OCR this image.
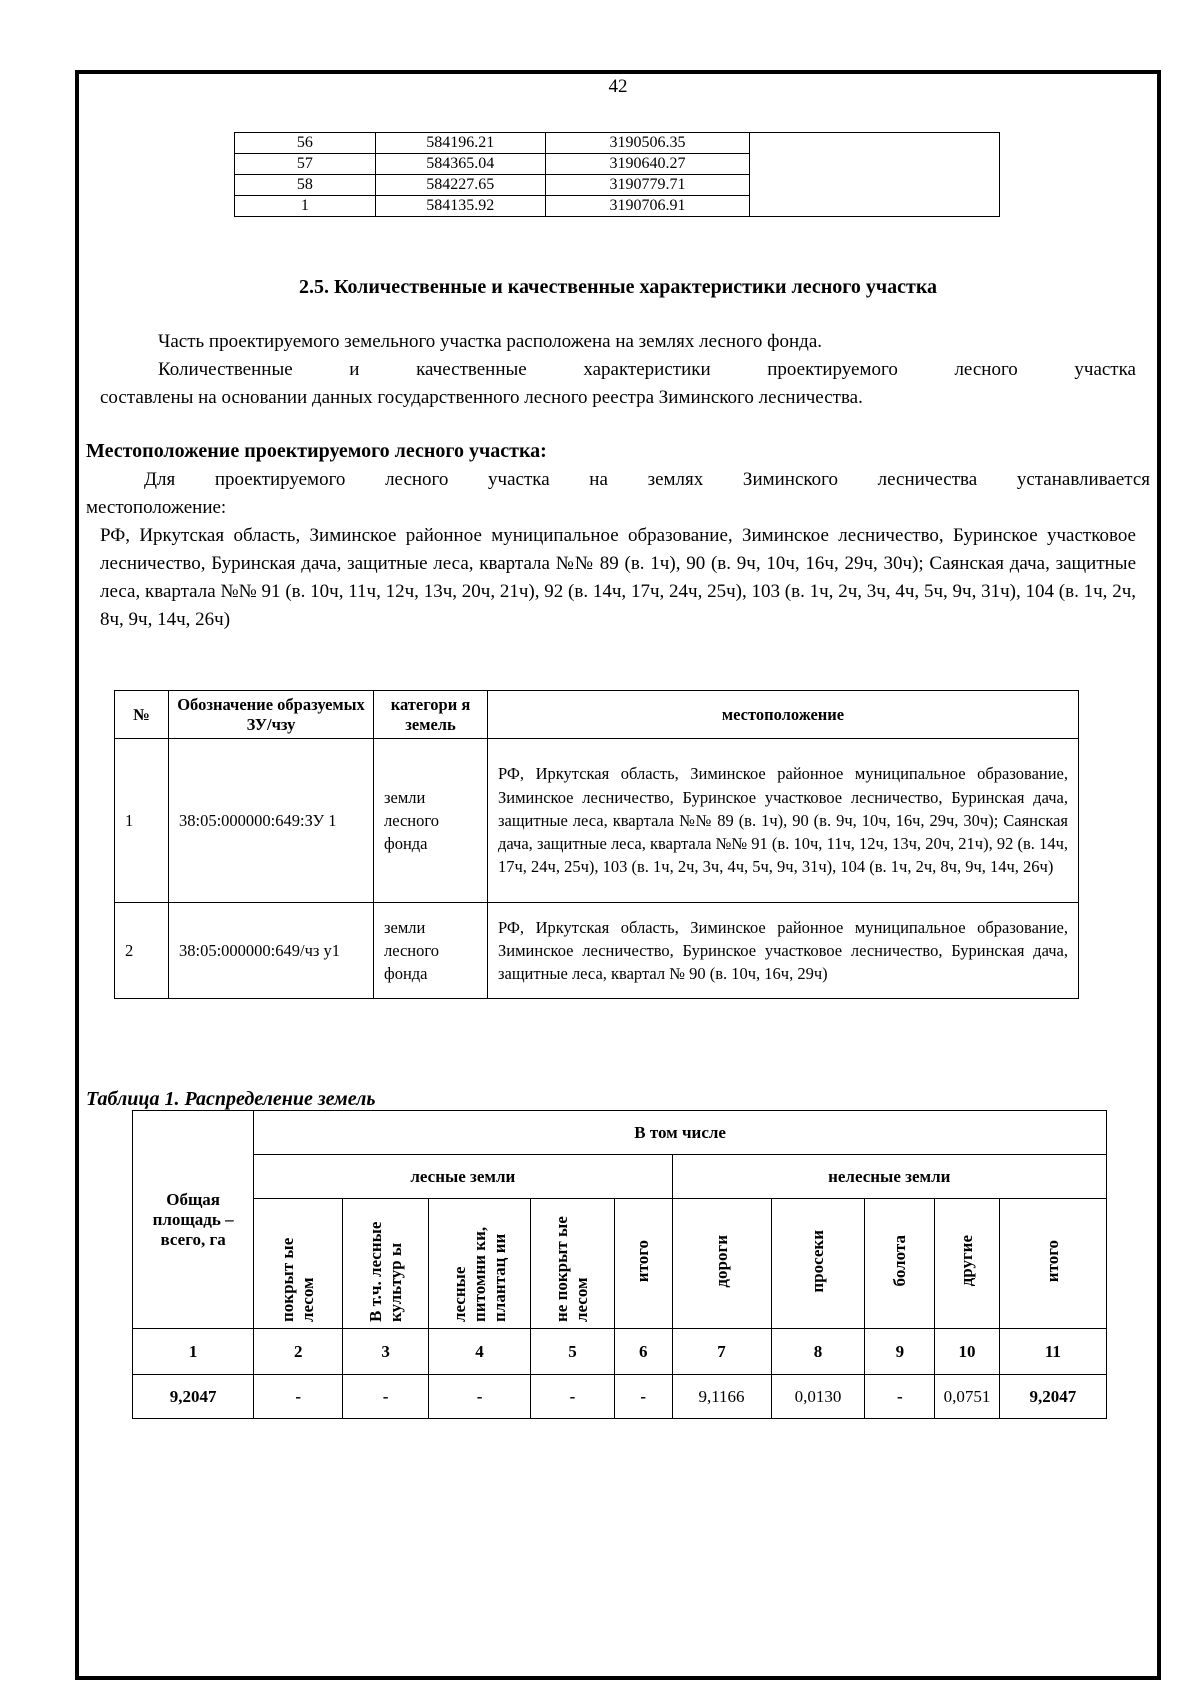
42
56	584196.21	3190506.35	
57	584365.04	3190640.27	
58	584227.65	3190779.71	
1	584135.92	3190706.91	
2.5. Количественные и качественные характеристики лесного участка
Часть проектируемого земельного участка расположена на землях лесного фонда.
Количественные и качественные характеристики проектируемого лесного участка
составлены на основании данных государственного лесного реестра Зиминского лесничества.
Местоположение проектируемого лесного участка:
Для проектируемого лесного участка на землях Зиминского лесничества устанавливается
местоположение:
РФ, Иркутская область, Зиминское районное муниципальное образование, Зиминское лесничество, Буринское участковое лесничество, Буринская дача, защитные леса, квартала №№ 89 (в. 1ч), 90 (в. 9ч, 10ч, 16ч, 29ч, 30ч); Саянская дача, защитные леса, квартала №№ 91 (в. 10ч, 11ч, 12ч, 13ч, 20ч, 21ч), 92 (в. 14ч, 17ч, 24ч, 25ч), 103 (в. 1ч, 2ч, 3ч, 4ч, 5ч, 9ч, 31ч), 104 (в. 1ч, 2ч, 8ч, 9ч, 14ч, 26ч)
№	Обозначение образуемых ЗУ/чзу	категори я земель	местоположение
1	38:05:000000:649:ЗУ 1	земли лесного фонда	РФ, Иркутская область, Зиминское районное муниципальное образование, Зиминское лесничество, Буринское участковое лесничество, Буринская дача, защитные леса, квартала №№ 89 (в. 1ч), 90 (в. 9ч, 10ч, 16ч, 29ч, 30ч); Саянская дача, защитные леса, квартала №№ 91 (в. 10ч, 11ч, 12ч, 13ч, 20ч, 21ч), 92 (в. 14ч, 17ч, 24ч, 25ч), 103 (в. 1ч, 2ч, 3ч, 4ч, 5ч, 9ч, 31ч), 104 (в. 1ч, 2ч, 8ч, 9ч, 14ч, 26ч)
2	38:05:000000:649/чз у1	земли лесного фонда	РФ, Иркутская область, Зиминское районное муниципальное образование, Зиминское лесничество, Буринское участковое лесничество, Буринская дача, защитные леса, квартал № 90 (в. 10ч, 16ч, 29ч)
Таблица 1. Распределение земель
Общая площадь – всего, га	В том числе									
	лесные земли					нелесные земли				
	покрыт ые лесом	В т.ч. лесные культур ы	лесные питомни ки, плантац ии	не покрыт ые лесом	итого	дороги	просеки	болота	другие	итого
1	2	3	4	5	6	7	8	9	10	11
9,2047	-	-	-	-	-	9,1166	0,0130	-	0,0751	9,2047
